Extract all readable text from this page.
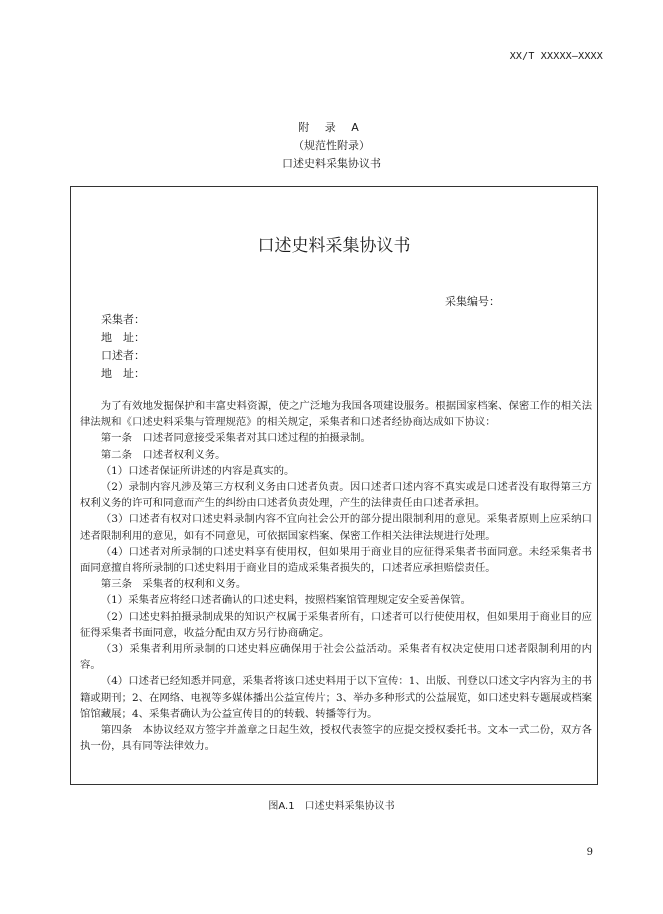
XX/T XXXXX—XXXX
附 录 A
（规范性附录）
口述史料采集协议书
口述史料采集协议书
采集编号：
采集者：
地　址：
口述者：
地　址：

为了有效地发掘保护和丰富史料资源，使之广泛地为我国各项建设服务。根据国家档案、保密工作的相关法律法规和《口述史料采集与管理规范》的相关规定，采集者和口述者经协商达成如下协议：

第一条　口述者同意接受采集者对其口述过程的拍摄录制。

第二条　口述者权利义务。

（1）口述者保证所讲述的内容是真实的。

（2）录制内容凡涉及第三方权利义务由口述者负责。因口述者口述内容不真实或是口述者没有取得第三方权利义务的许可和同意而产生的纠纷由口述者负责处理，产生的法律责任由口述者承担。

（3）口述者有权对口述史料录制内容不宜向社会公开的部分提出限制利用的意见。采集者原则上应采纳口述者限制利用的意见，如有不同意见，可依据国家档案、保密工作相关法律法规进行处理。

（4）口述者对所录制的口述史料享有使用权，但如果用于商业目的应征得采集者书面同意。未经采集者书面同意擅自将所录制的口述史料用于商业目的造成采集者损失的，口述者应承担赔偿责任。

第三条　采集者的权利和义务。

（1）采集者应将经口述者确认的口述史料，按照档案馆管理规定安全妥善保管。

（2）口述史料拍摄录制成果的知识产权属于采集者所有，口述者可以行使使用权，但如果用于商业目的应征得采集者书面同意，收益分配由双方另行协商确定。

（3）采集者利用所录制的口述史料应确保用于社会公益活动。采集者有权决定使用口述者限制利用的内容。

（4）口述者已经知悉并同意，采集者将该口述史料用于以下宣传：1、出版、刊登以口述文字内容为主的书籍或期刊；2、在网络、电视等多媒体播出公益宣传片；3、举办多种形式的公益展览，如口述史料专题展或档案馆馆藏展；4、采集者确认为公益宣传目的的转载、转播等行为。

第四条　本协议经双方签字并盖章之日起生效，授权代表签字的应提交授权委托书。文本一式二份，双方各执一份，具有同等法律效力。

图A.1　口述史料采集协议书
9
